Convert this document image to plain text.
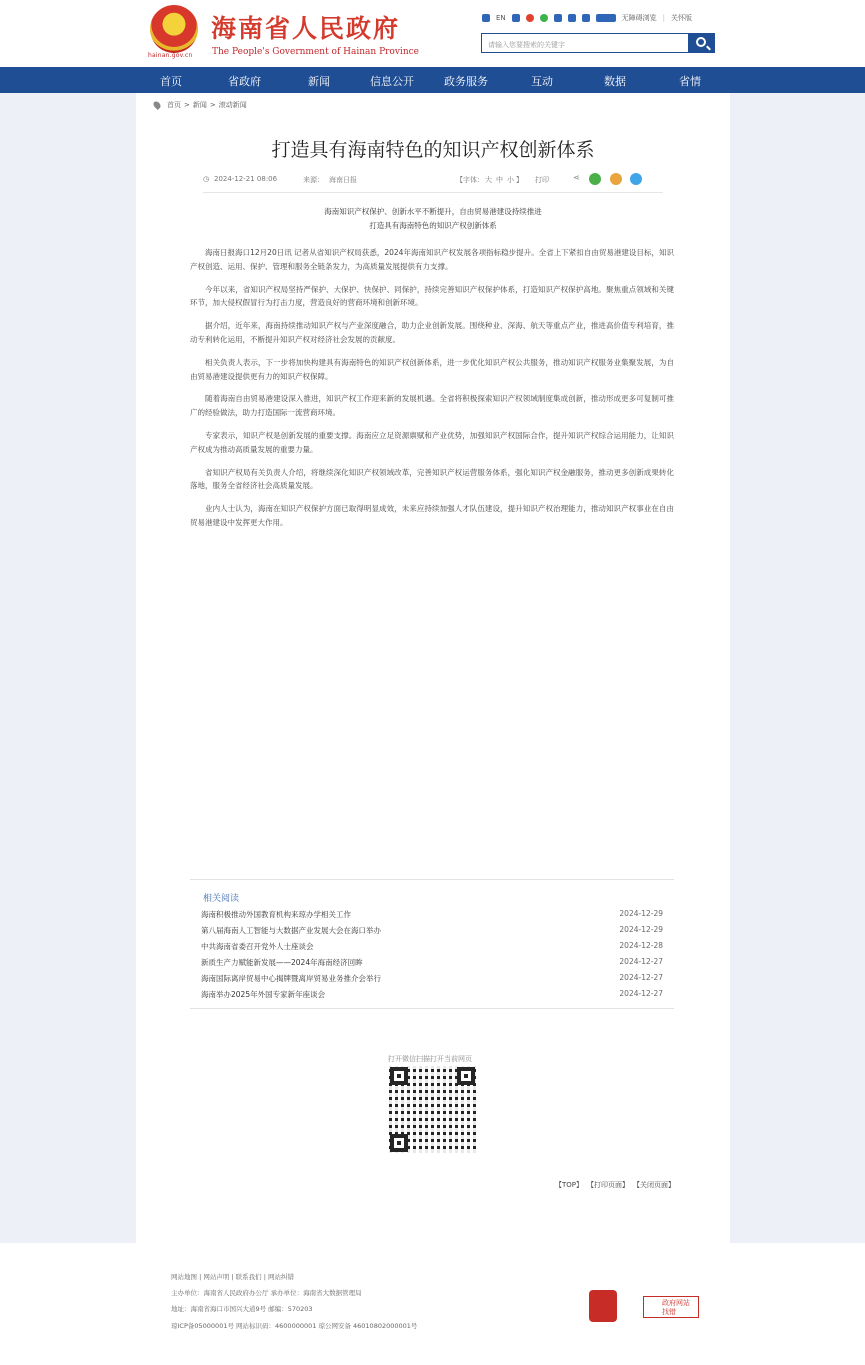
hainan.gov.cn
海南省人民政府
The People's Government of Hainan Province
EN	无障碍浏览 | 关怀版
请输入您要搜索的关键字
首页	省政府	新闻	信息公开	政务服务	互动	数据	省情
首页 > 新闻 > 滚动新闻
打造具有海南特色的知识产权创新体系
◷ 2024-12-21 08:06	来源： 海南日报	【字体： 大 中 小 】 打印	⋖
海南知识产权保护、创新水平不断提升，自由贸易港建设持续推进
打造具有海南特色的知识产权创新体系

海南日报海口12月20日讯 记者从省知识产权局获悉，2024年海南知识产权发展各项指标稳步提升。全省上下紧扣自由贸易港建设目标，知识产权创造、运用、保护、管理和服务全链条发力，为高质量发展提供有力支撑。

今年以来，省知识产权局坚持严保护、大保护、快保护、同保护，持续完善知识产权保护体系，打造知识产权保护高地。聚焦重点领域和关键环节，加大侵权假冒行为打击力度，营造良好的营商环境和创新环境。

据介绍，近年来，海南持续推动知识产权与产业深度融合，助力企业创新发展。围绕种业、深海、航天等重点产业，推进高价值专利培育，推动专利转化运用，不断提升知识产权对经济社会发展的贡献度。

相关负责人表示，下一步将加快构建具有海南特色的知识产权创新体系，进一步优化知识产权公共服务，推动知识产权服务业集聚发展，为自由贸易港建设提供更有力的知识产权保障。

随着海南自由贸易港建设深入推进，知识产权工作迎来新的发展机遇。全省将积极探索知识产权领域制度集成创新，推动形成更多可复制可推广的经验做法，助力打造国际一流营商环境。

专家表示，知识产权是创新发展的重要支撑。海南应立足资源禀赋和产业优势，加强知识产权国际合作，提升知识产权综合运用能力，让知识产权成为推动高质量发展的重要力量。

省知识产权局有关负责人介绍，将继续深化知识产权领域改革，完善知识产权运营服务体系，强化知识产权金融服务，推动更多创新成果转化落地，服务全省经济社会高质量发展。

业内人士认为，海南在知识产权保护方面已取得明显成效，未来应持续加强人才队伍建设，提升知识产权治理能力，推动知识产权事业在自由贸易港建设中发挥更大作用。

相关阅读
海南积极推动外国教育机构来琼办学相关工作	2024-12-29
第八届海南人工智能与大数据产业发展大会在海口举办	2024-12-29
中共海南省委召开党外人士座谈会	2024-12-28
新质生产力赋能新发展——2024年海南经济回眸	2024-12-27
海南国际离岸贸易中心揭牌暨离岸贸易业务推介会举行	2024-12-27
海南举办2025年外国专家新年座谈会	2024-12-27
打开微信扫描打开当前网页
【TOP】 【打印页面】 【关闭页面】
网站地图 | 网站声明 | 联系我们 | 网站纠错
主办单位：海南省人民政府办公厅 承办单位：海南省大数据管理局
地址：海南省海口市国兴大道9号 邮编：570203
琼ICP备05000001号 网站标识码：4600000001 琼公网安备 46010802000001号
政府网站

找错
